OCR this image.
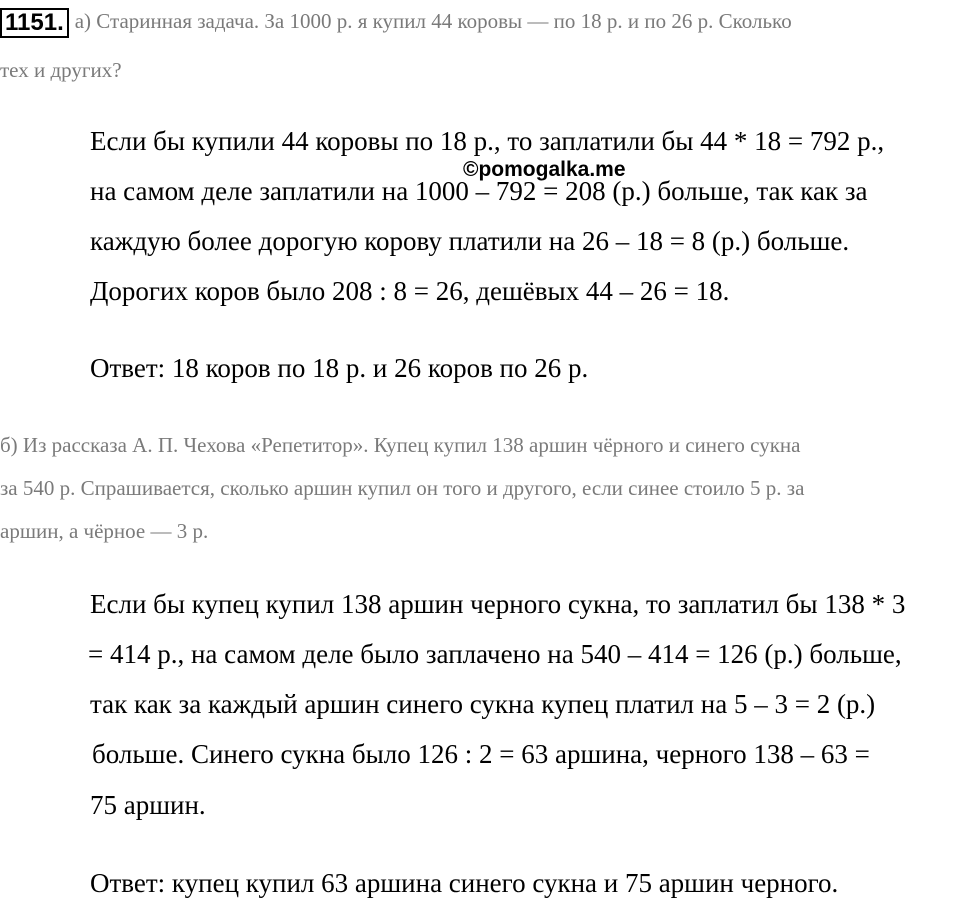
1151. а) Старинная задача. За 1000 р. я купил 44 коровы — по 18 р. и по 26 р. Сколько
тех и других?
Если бы купили 44 коровы по 18 р., то заплатили бы 44 * 18 = 792 р.,
на самом деле заплатили на 1000 – 792 = 208 (р.) больше, так как за
каждую более дорогую корову платили на 26 – 18 = 8 (р.) больше.
Дорогих коров было 208 : 8 = 26, дешёвых 44 – 26 = 18.
Ответ: 18 коров по 18 р. и 26 коров по 26 р.
©pomogalka.me
б) Из рассказа А. П. Чехова «Репетитор». Купец купил 138 аршин чёрного и синего сукна
за 540 р. Спрашивается, сколько аршин купил он того и другого, если синее стоило 5 р. за
аршин, а чёрное — 3 р.
Если бы купец купил 138 аршин черного сукна, то заплатил бы 138 * 3
= 414 р., на самом деле было заплачено на 540 – 414 = 126 (р.) больше,
так как за каждый аршин синего сукна купец платил на 5 – 3 = 2 (р.)
больше. Синего сукна было 126 : 2 = 63 аршина, черного 138 – 63 =
75 аршин.
Ответ: купец купил 63 аршина синего сукна и 75 аршин черного.
